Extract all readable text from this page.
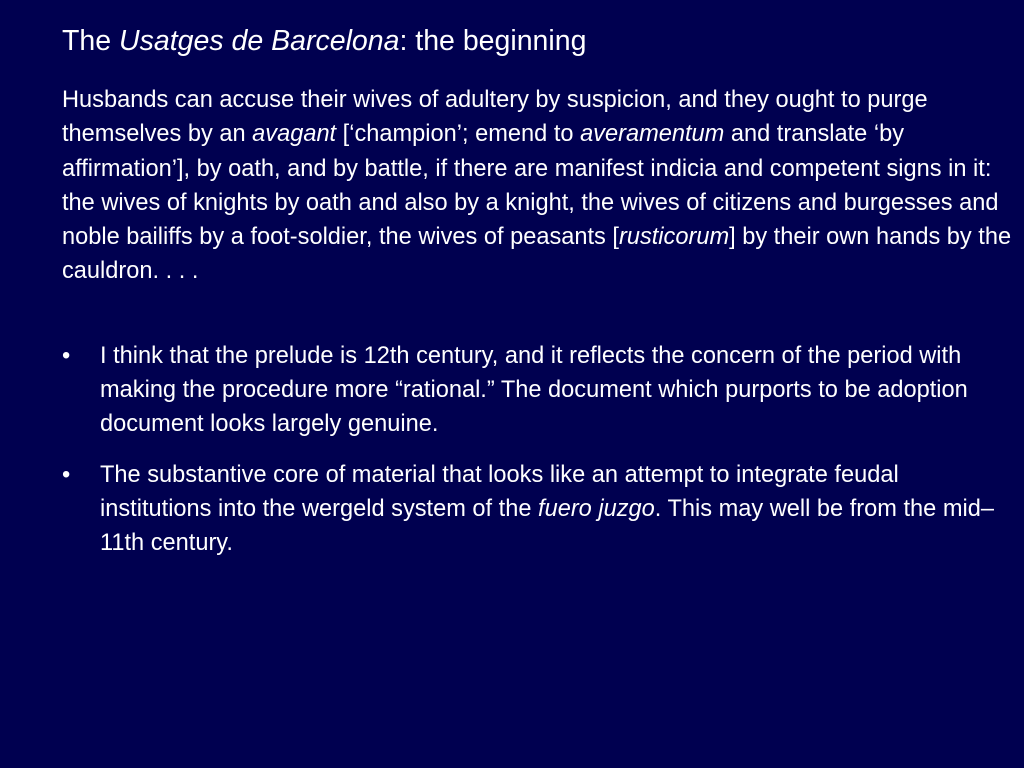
The Usatges de Barcelona: the beginning

Husbands can accuse their wives of adultery by suspicion, and they ought to purge themselves by an avagant [‘champion’; emend to averamentum and translate ‘by affirmation’], by oath, and by battle, if there are manifest indicia and competent signs in it: the wives of knights by oath and also by a knight, the wives of citizens and burgesses and noble bailiffs by a foot-soldier, the wives of peasants [rusticorum] by their own hands by the cauldron. . . .

•	I think that the prelude is 12th century, and it reflects the concern of the period with making the procedure more “rational.” The document which purports to be adoption document looks largely genuine.
•	The substantive core of material that looks like an attempt to integrate feudal institutions into the wergeld system of the fuero juzgo. This may well be from the mid–11th century.
